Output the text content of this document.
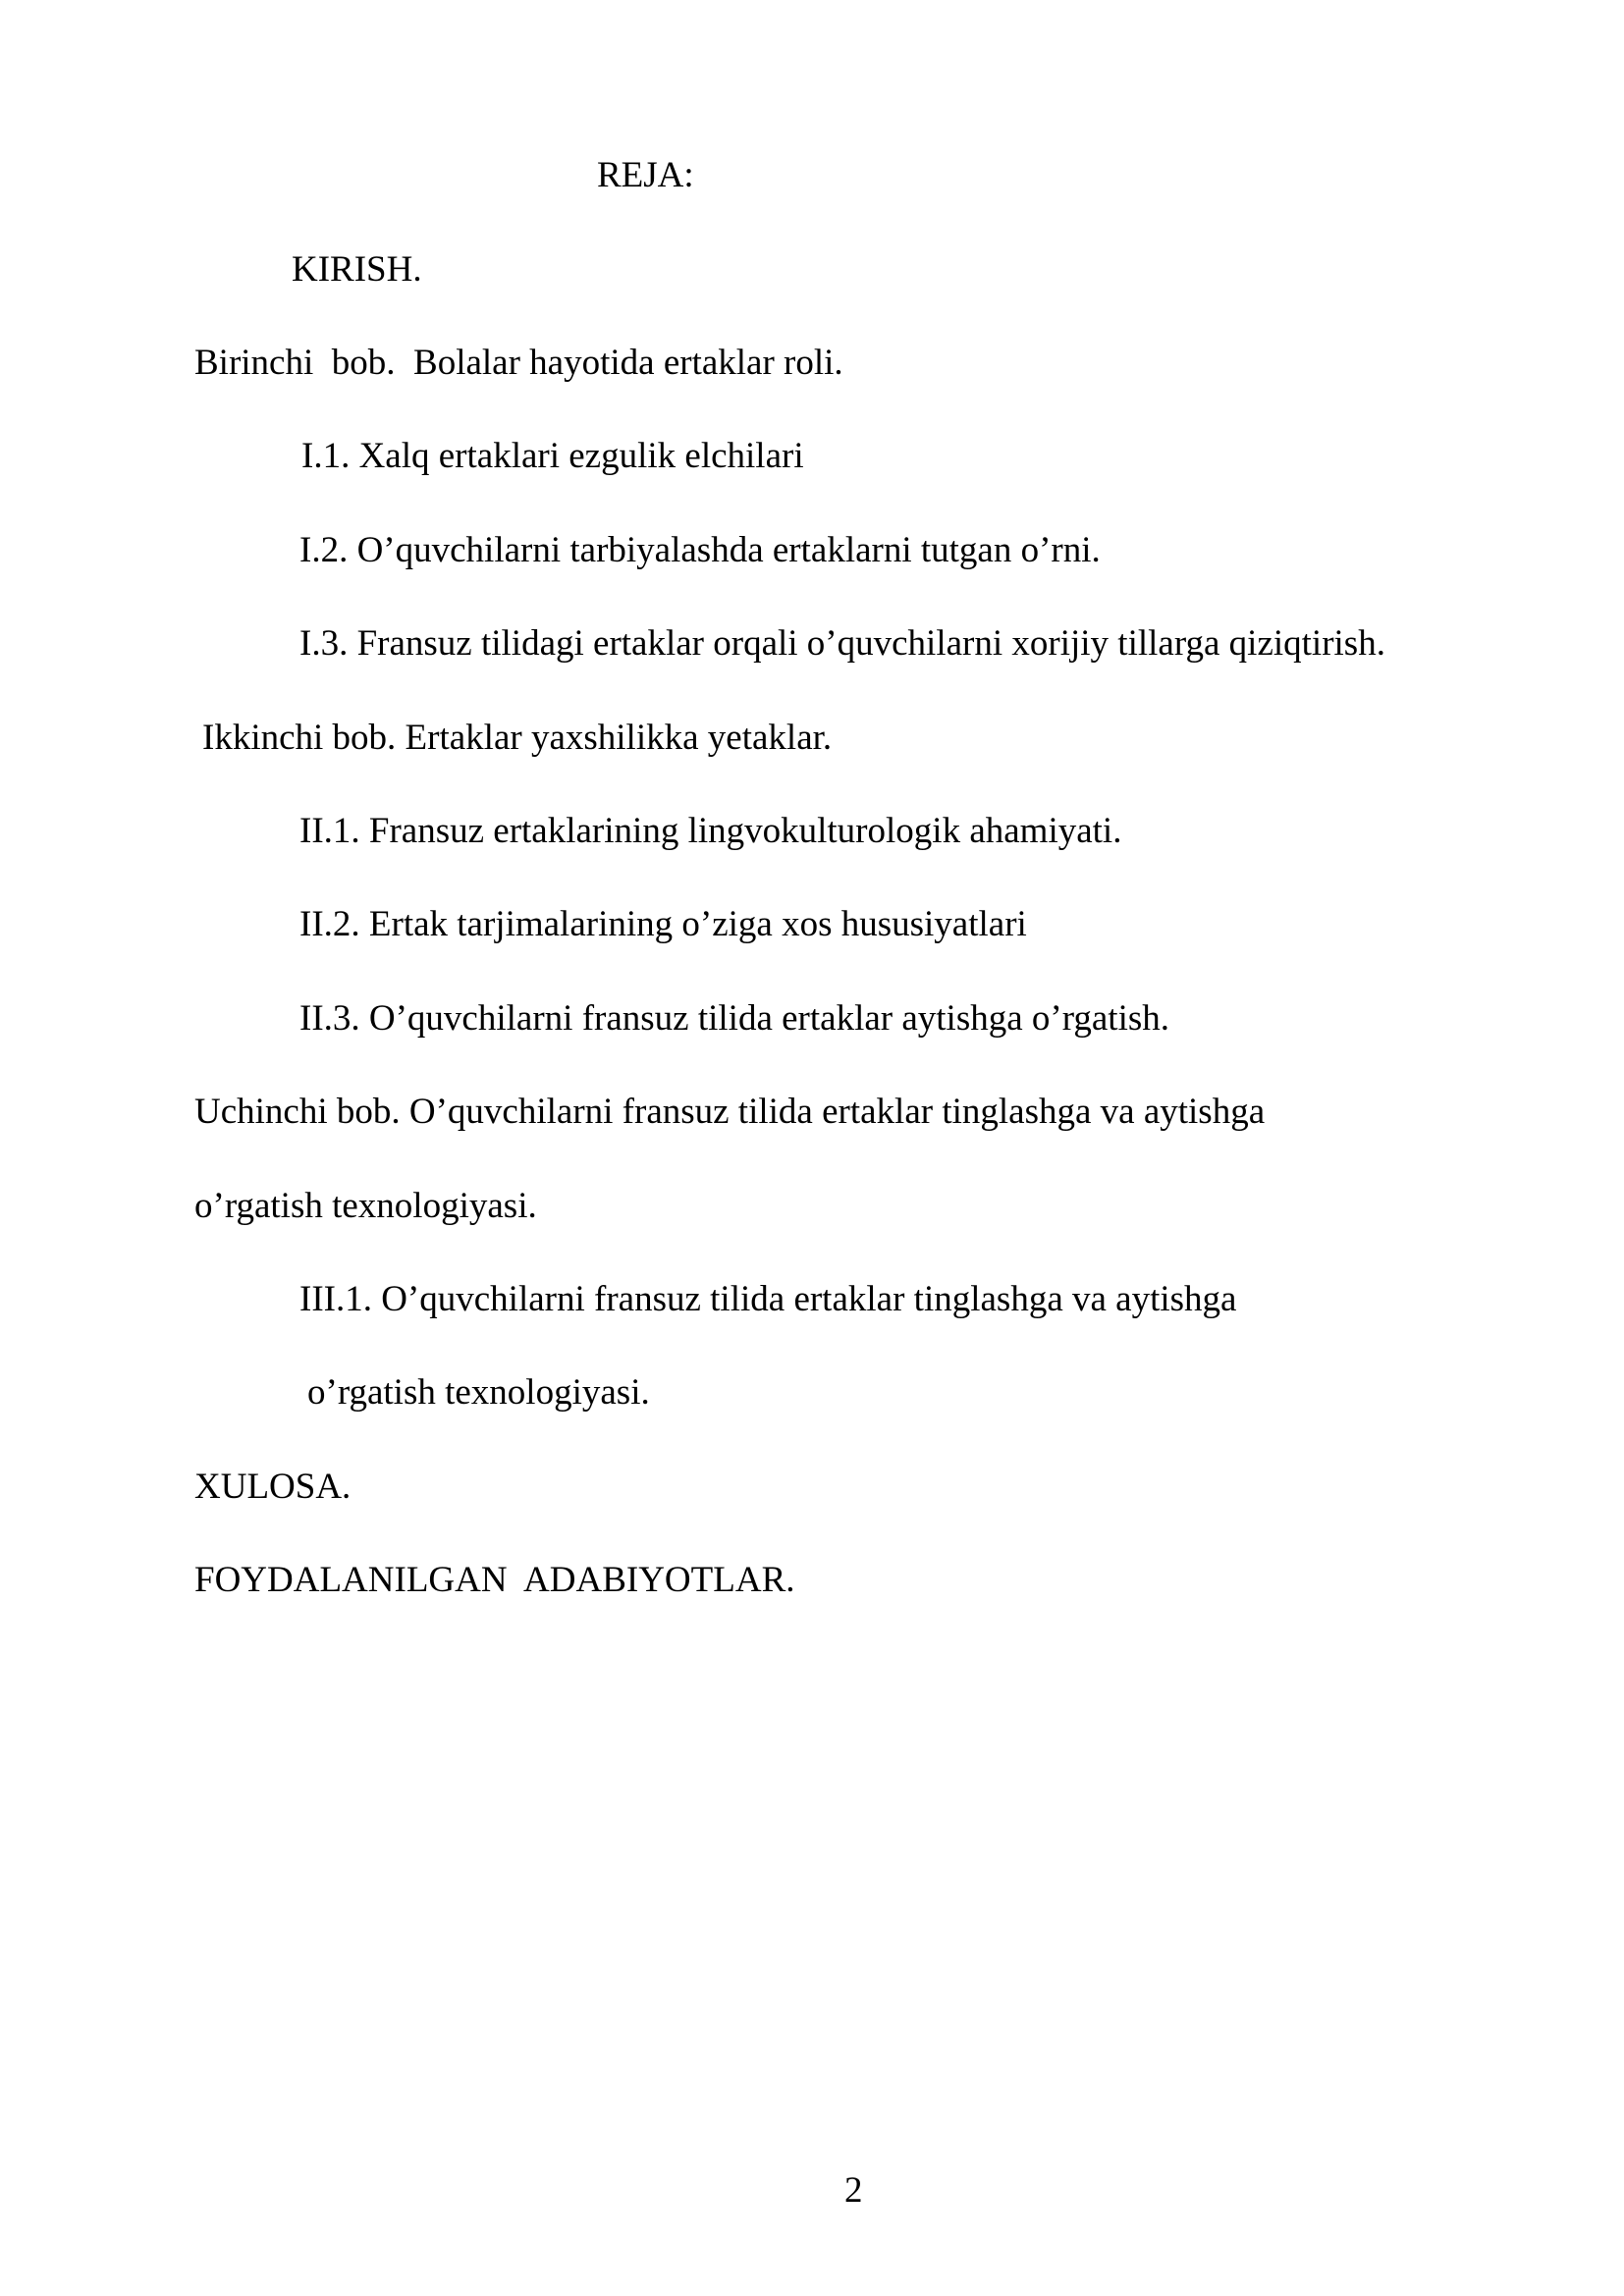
REJA:
KIRISH.
Birinchi  bob.  Bolalar hayotida ertaklar roli.
I.1. Xalq ertaklari ezgulik elchilari
I.2. O’quvchilarni tarbiyalashda ertaklarni tutgan o’rni.
I.3. Fransuz tilidagi ertaklar orqali o’quvchilarni xorijiy tillarga qiziqtirish.
Ikkinchi bob. Ertaklar yaxshilikka yetaklar.
II.1. Fransuz ertaklarining lingvokulturologik ahamiyati.
II.2. Ertak tarjimalarining o’ziga xos hususiyatlari
II.3. O’quvchilarni fransuz tilida ertaklar aytishga o’rgatish.
Uchinchi bob. O’quvchilarni fransuz tilida ertaklar tinglashga va aytishga
o’rgatish texnologiyasi.
III.1. O’quvchilarni fransuz tilida ertaklar tinglashga va aytishga
o’rgatish texnologiyasi.
XULOSA.
FOYDALANILGAN  ADABIYOTLAR.
2
